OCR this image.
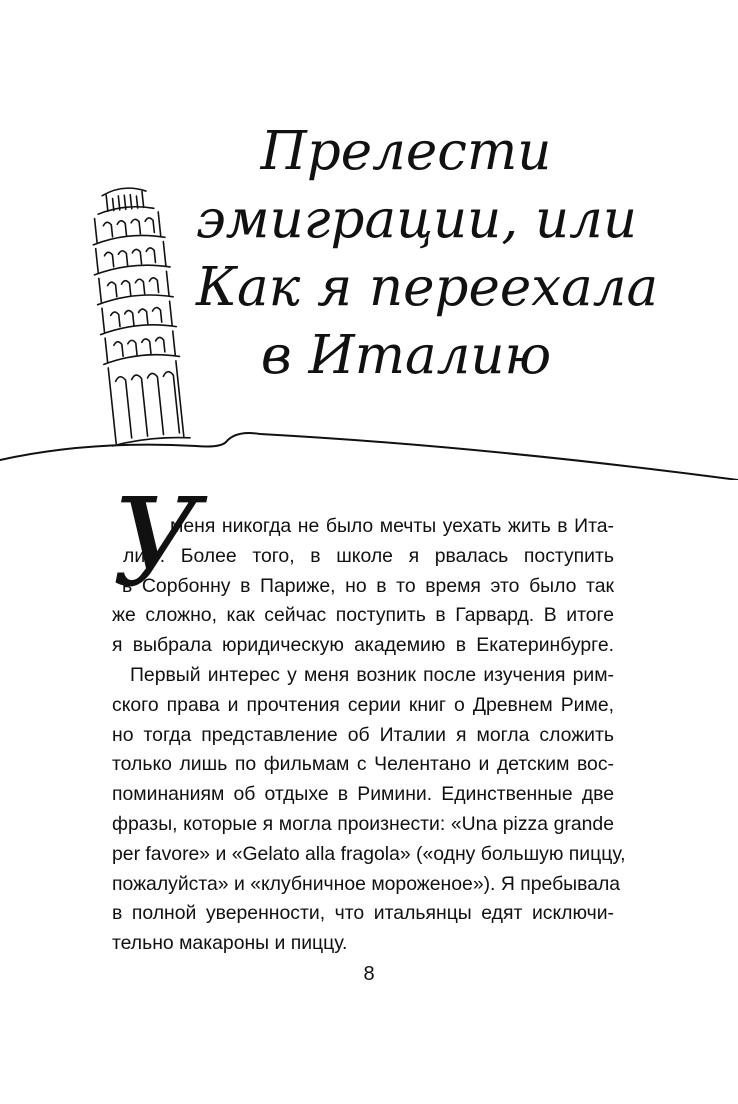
Прелести
эмиграции, или
Как я переехала
в Италию
У
меня никогда не было мечты уехать жить в Ита-
лию. Более того, в школе я рвалась поступить
в Сорбонну в Париже, но в то время это было так
же сложно, как сейчас поступить в Гарвард. В итоге
я выбрала юридическую академию в Екатеринбурге.
Первый интерес у меня возник после изучения рим-
ского права и прочтения серии книг о Древнем Риме,
но тогда представление об Италии я могла сложить
только лишь по фильмам с Челентано и детским вос-
поминаниям об отдыхе в Римини. Единственные две
фразы, которые я могла произнести: «Una pizza grande
per favore» и «Gelato alla fragola» («одну большую пиццу,
пожалуйста» и «клубничное мороженое»). Я пребывала
в полной уверенности, что итальянцы едят исключи-
тельно макароны и пиццу.
8
